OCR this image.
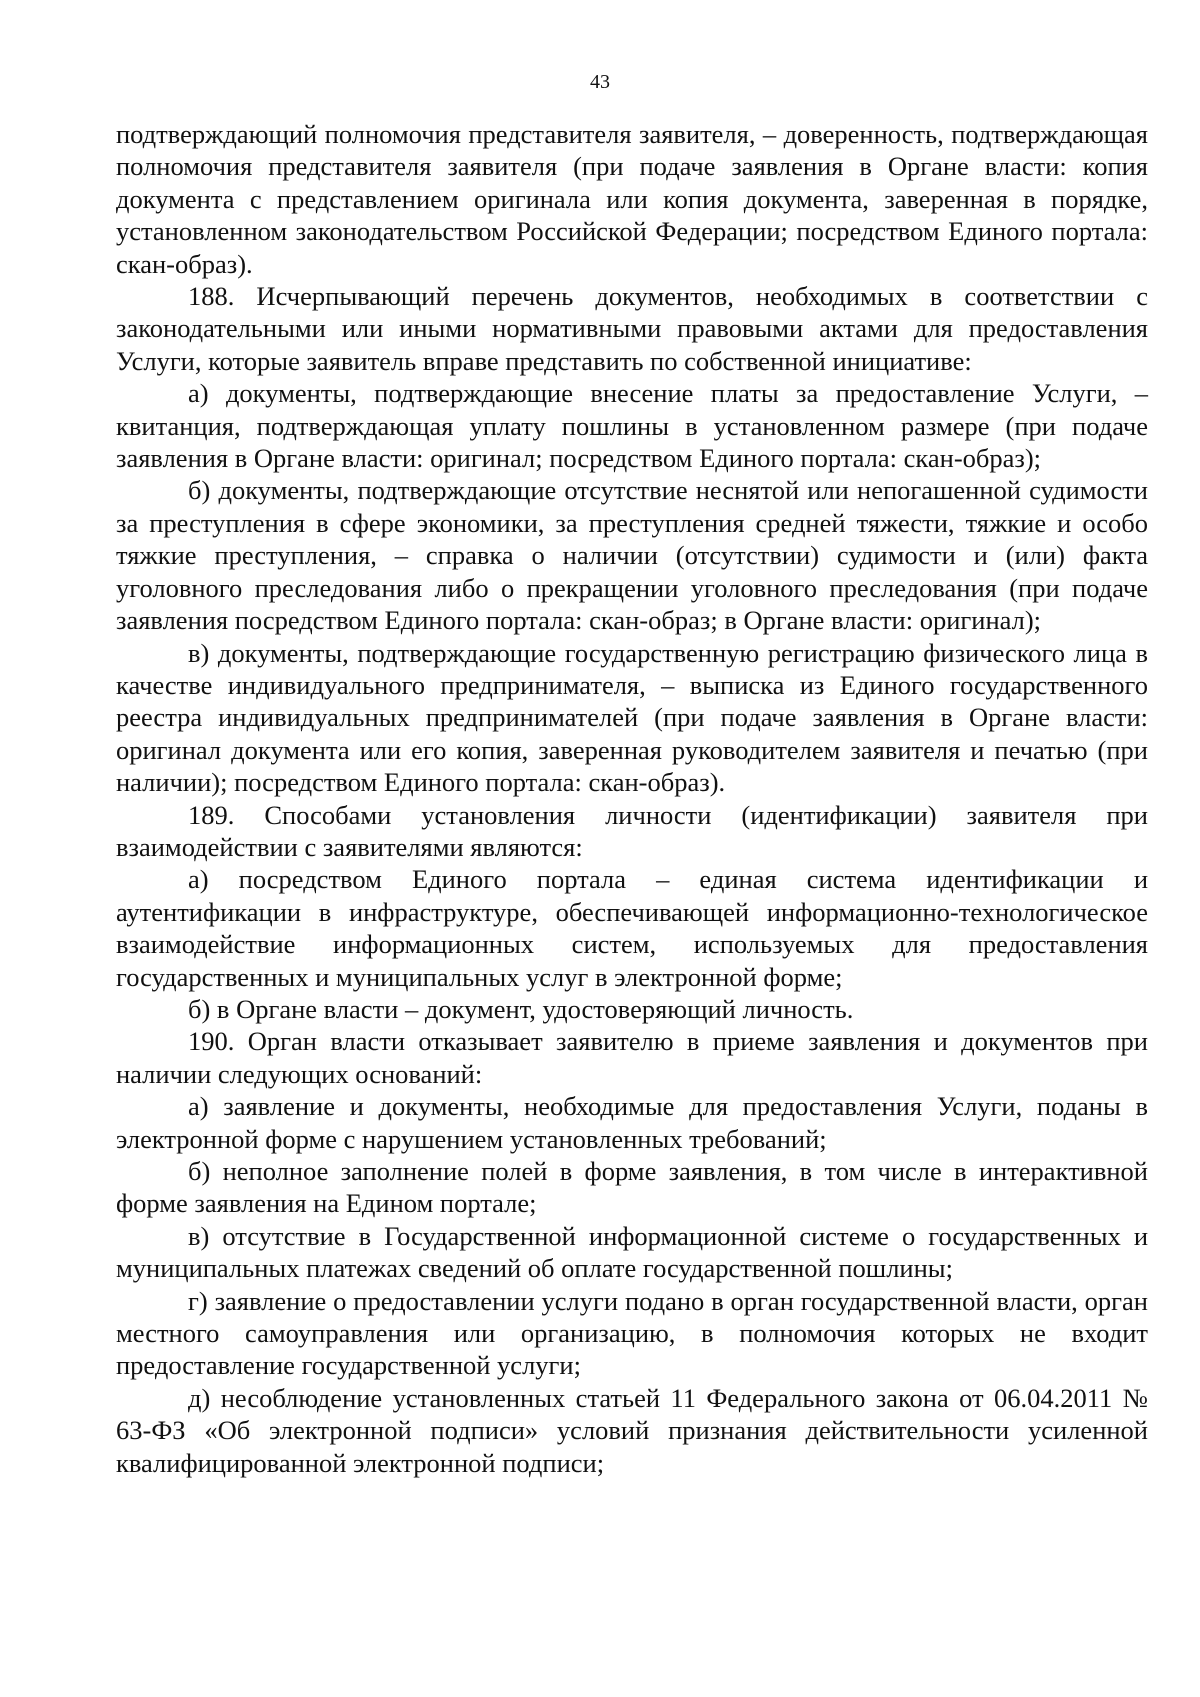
43

подтверждающий полномочия представителя заявителя, – доверенность, подтверждающая полномочия представителя заявителя (при подаче заявления в Органе власти: копия документа с представлением оригинала или копия документа, заверенная в порядке, установленном законодательством Российской Федерации; посредством Единого портала: скан-образ).

188. Исчерпывающий перечень документов, необходимых в соответствии с законодательными или иными нормативными правовыми актами для предоставления Услуги, которые заявитель вправе представить по собственной инициативе:

а) документы, подтверждающие внесение платы за предоставление Услуги, – квитанция, подтверждающая уплату пошлины в установленном размере (при подаче заявления в Органе власти: оригинал; посредством Единого портала: скан-образ);

б) документы, подтверждающие отсутствие неснятой или непогашенной судимости за преступления в сфере экономики, за преступления средней тяжести, тяжкие и особо тяжкие преступления, – справка о наличии (отсутствии) судимости и (или) факта уголовного преследования либо о прекращении уголовного преследования (при подаче заявления посредством Единого портала: скан-образ; в Органе власти: оригинал);

в) документы, подтверждающие государственную регистрацию физического лица в качестве индивидуального предпринимателя, – выписка из Единого государственного реестра индивидуальных предпринимателей (при подаче заявления в Органе власти: оригинал документа или его копия, заверенная руководителем заявителя и печатью (при наличии); посредством Единого портала: скан-образ).

189. Способами установления личности (идентификации) заявителя при взаимодействии с заявителями являются:

а) посредством Единого портала – единая система идентификации и аутентификации в инфраструктуре, обеспечивающей информационно-технологическое взаимодействие информационных систем, используемых для предоставления государственных и муниципальных услуг в электронной форме;

б) в Органе власти – документ, удостоверяющий личность.

190. Орган власти отказывает заявителю в приеме заявления и документов при наличии следующих оснований:

а) заявление и документы, необходимые для предоставления Услуги, поданы в электронной форме с нарушением установленных требований;

б) неполное заполнение полей в форме заявления, в том числе в интерактивной форме заявления на Едином портале;

в) отсутствие в Государственной информационной системе о государственных и муниципальных платежах сведений об оплате государственной пошлины;

г) заявление о предоставлении услуги подано в орган государственной власти, орган местного самоуправления или организацию, в полномочия которых не входит предоставление государственной услуги;

д) несоблюдение установленных статьей 11 Федерального закона от 06.04.2011 № 63-ФЗ «Об электронной подписи» условий признания действительности усиленной квалифицированной электронной подписи;
